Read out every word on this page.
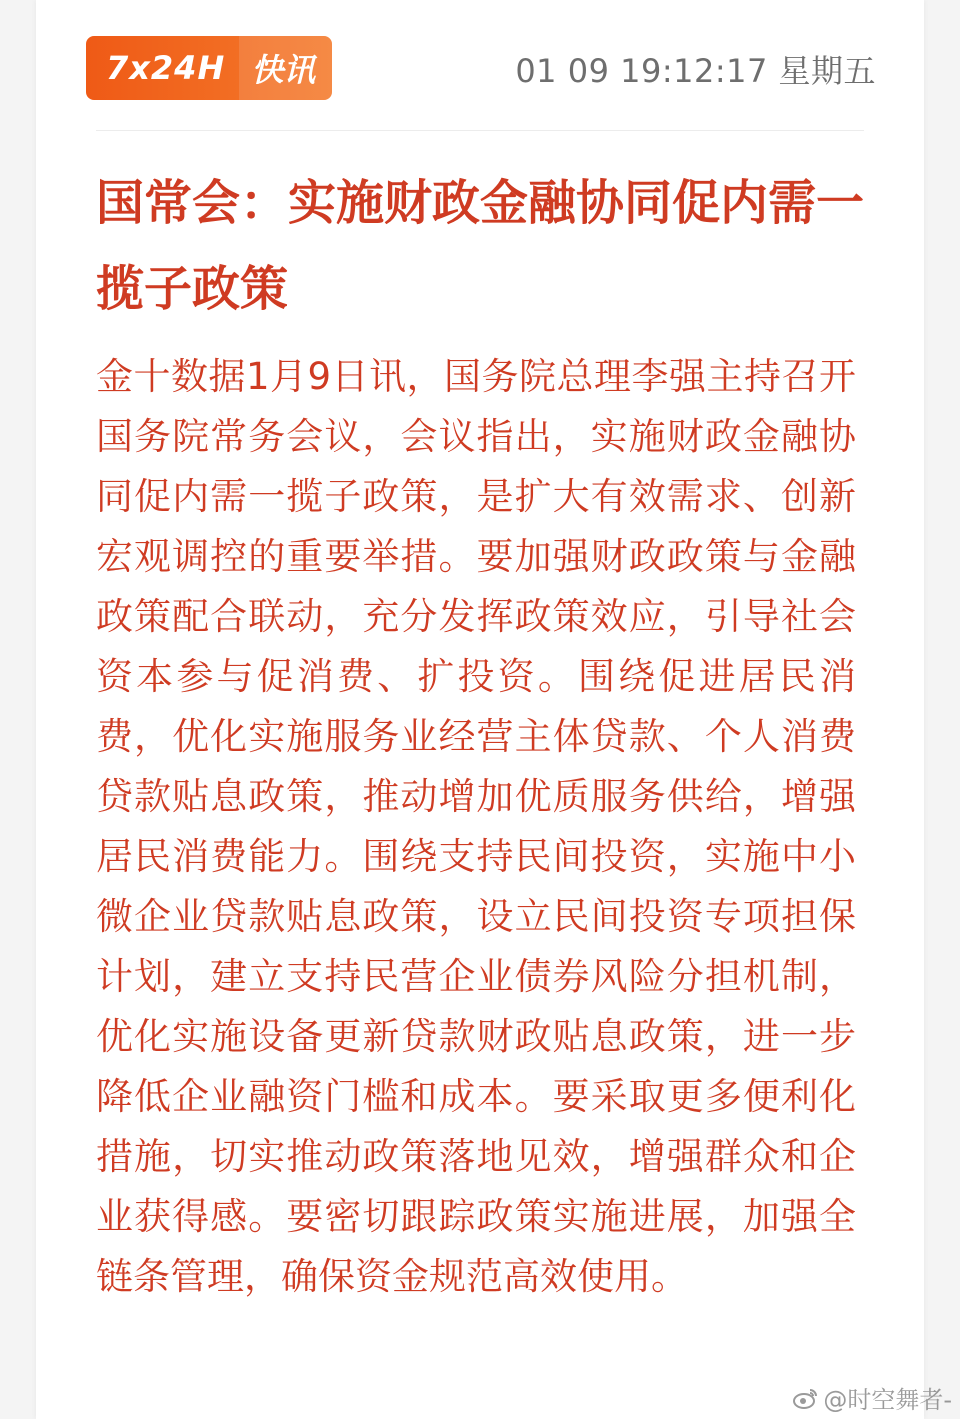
7x24H 快讯	01 09 19:12:17 星期五
国常会：实施财政金融协同促内需一揽子政策

金十数据1月9日讯，国务院总理李强主持召开国务院常务会议，会议指出，实施财政金融协同促内需一揽子政策，是扩大有效需求、创新宏观调控的重要举措。要加强财政政策与金融政策配合联动，充分发挥政策效应，引导社会资本参与促消费、扩投资。围绕促进居民消费，优化实施服务业经营主体贷款、个人消费贷款贴息政策，推动增加优质服务供给，增强居民消费能力。围绕支持民间投资，实施中小微企业贷款贴息政策，设立民间投资专项担保计划，建立支持民营企业债券风险分担机制，优化实施设备更新贷款财政贴息政策，进一步降低企业融资门槛和成本。要采取更多便利化措施，切实推动政策落地见效，增强群众和企业获得感。要密切跟踪政策实施进展，加强全链条管理，确保资金规范高效使用。

@时空舞者-
